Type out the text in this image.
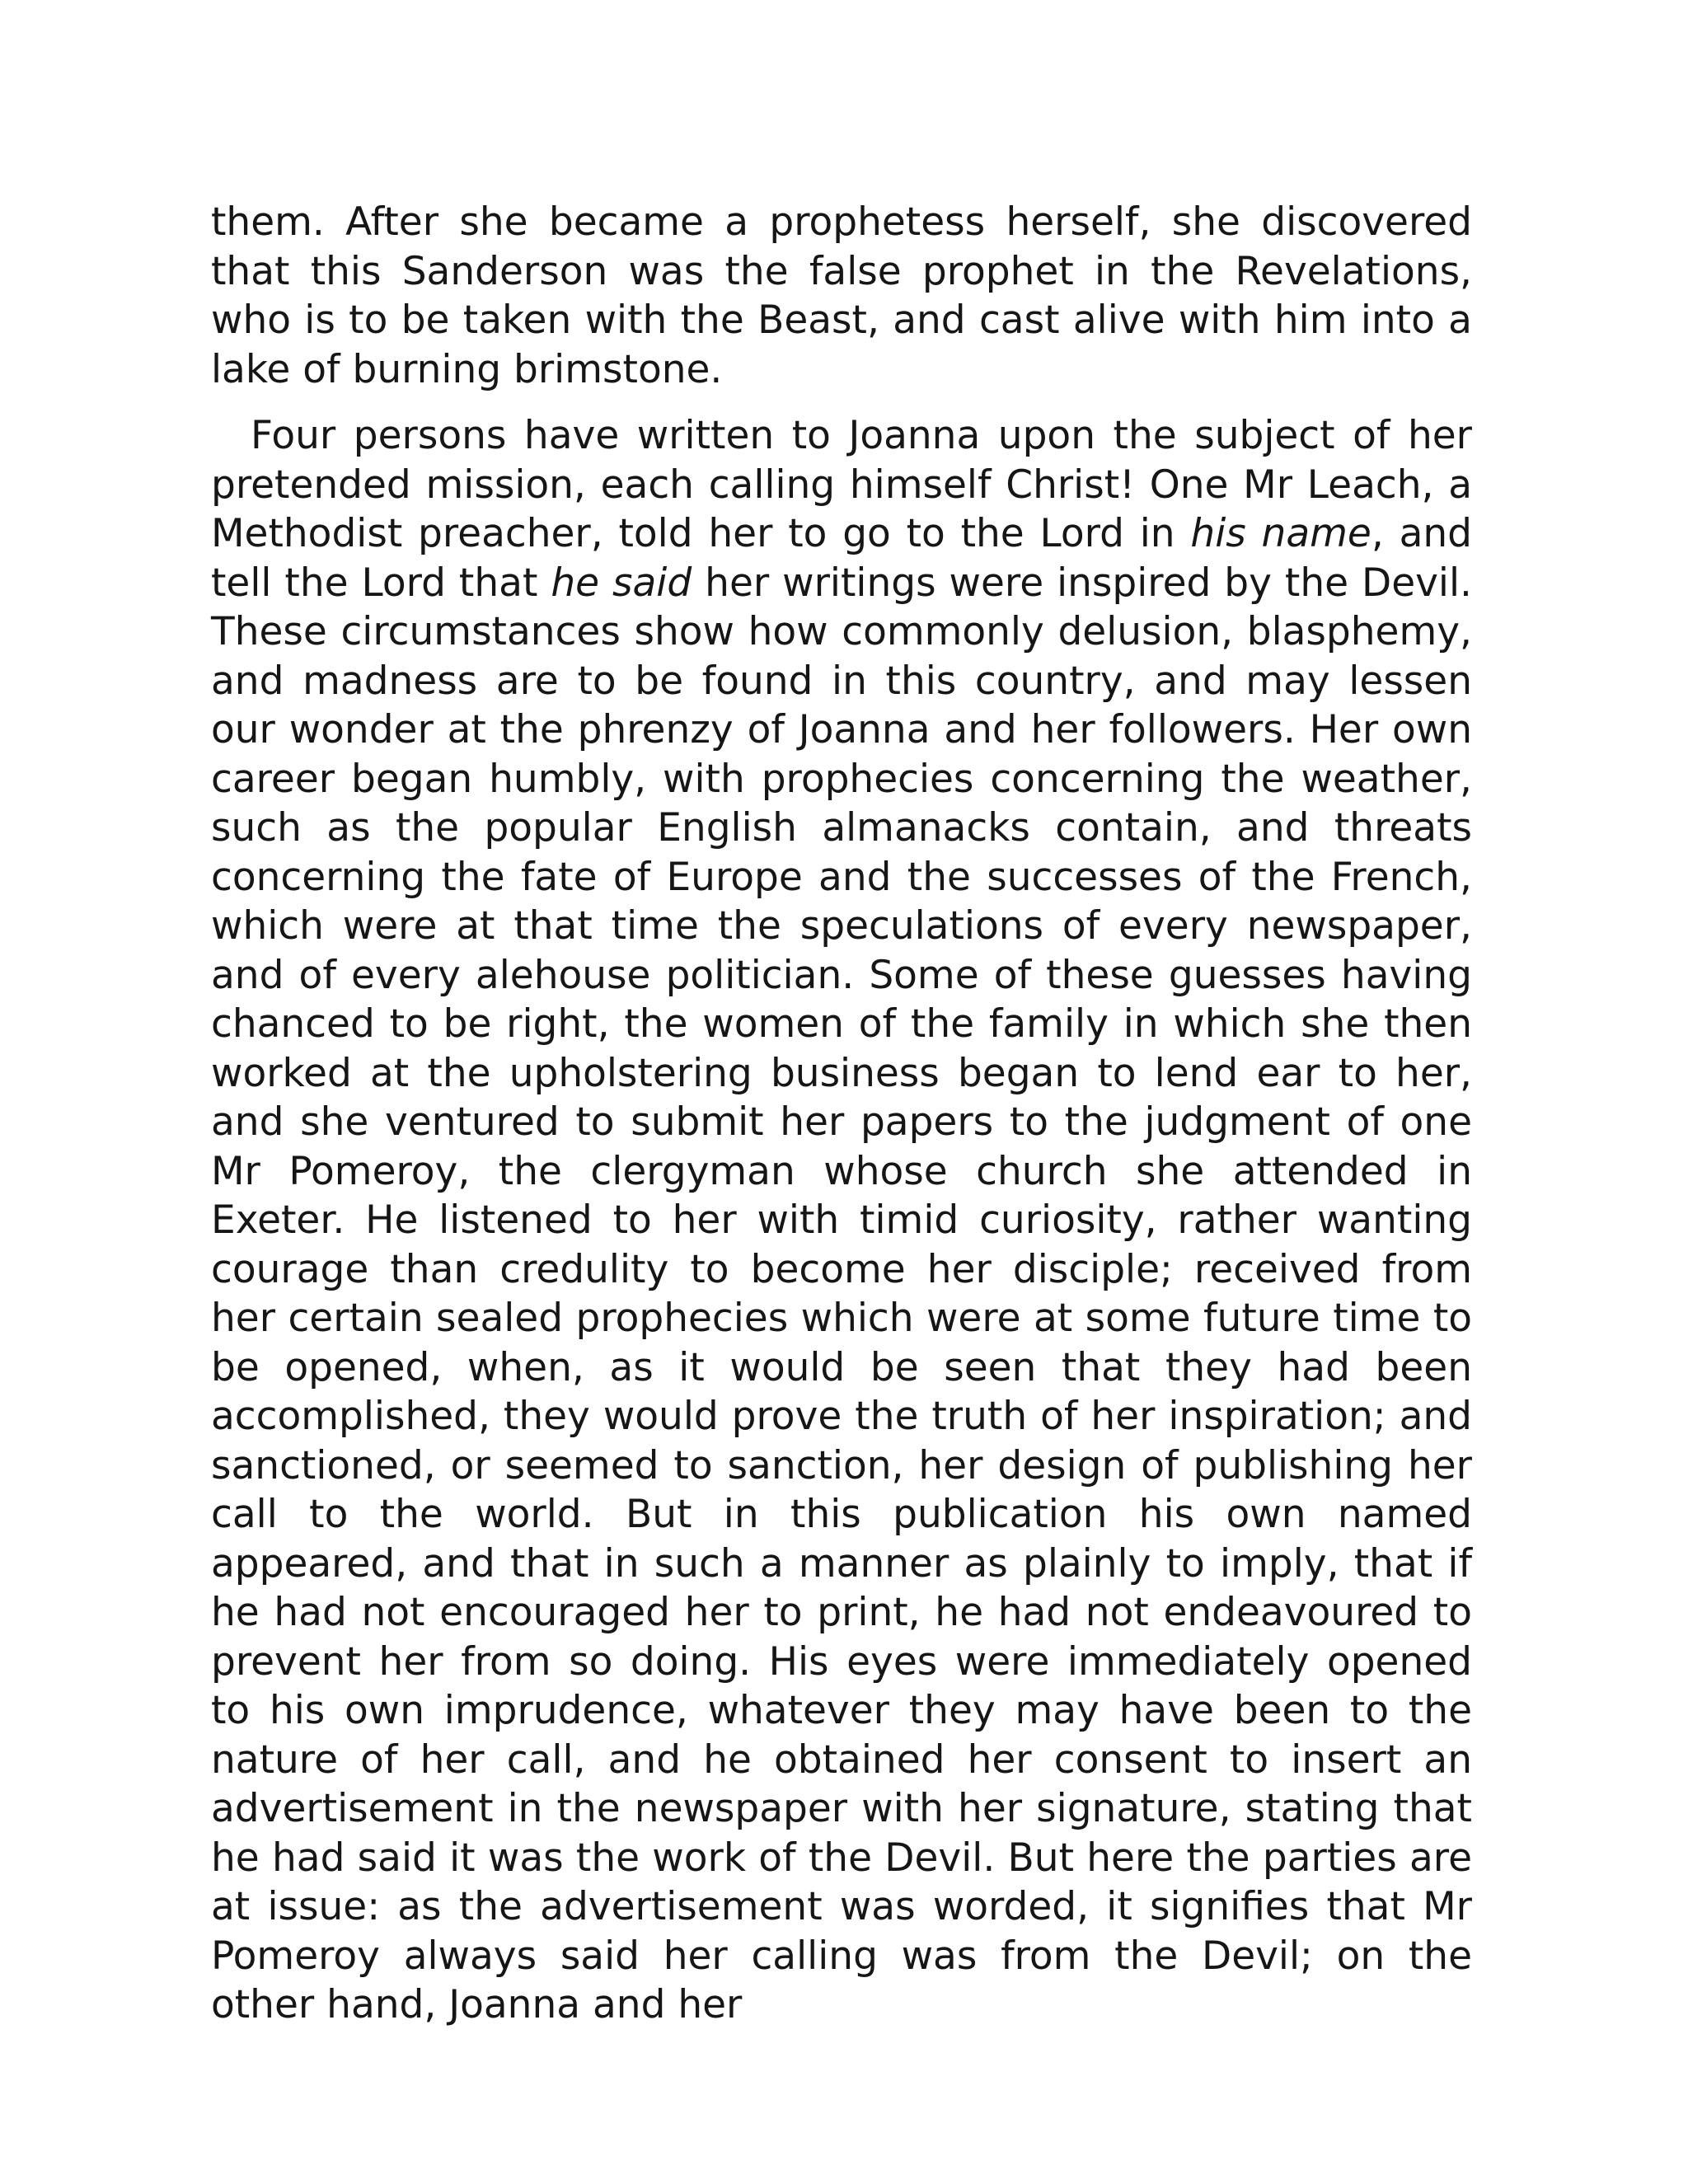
them. After she became a prophetess herself, she discovered that this Sanderson was the false prophet in the Revelations, who is to be taken with the Beast, and cast alive with him into a lake of burning brimstone.

Four persons have written to Joanna upon the subject of her pretended mission, each calling himself Christ! One Mr Leach, a Methodist preacher, told her to go to the Lord in his name, and tell the Lord that he said her writings were inspired by the Devil. These circumstances show how commonly delusion, blasphemy, and madness are to be found in this country, and may lessen our wonder at the phrenzy of Joanna and her followers. Her own career began humbly, with prophecies concerning the weather, such as the popular English almanacks contain, and threats concerning the fate of Europe and the successes of the French, which were at that time the speculations of every newspaper, and of every alehouse politician. Some of these guesses having chanced to be right, the women of the family in which she then worked at the upholstering business began to lend ear to her, and she ventured to submit her papers to the judgment of one Mr Pomeroy, the clergyman whose church she attended in Exeter. He listened to her with timid curiosity, rather wanting courage than credulity to become her disciple; received from her certain sealed prophecies which were at some future time to be opened, when, as it would be seen that they had been accomplished, they would prove the truth of her inspiration; and sanctioned, or seemed to sanction, her design of publishing her call to the world. But in this publication his own named appeared, and that in such a manner as plainly to imply, that if he had not encouraged her to print, he had not endeavoured to prevent her from so doing. His eyes were immediately opened to his own imprudence, whatever they may have been to the nature of her call, and he obtained her consent to insert an advertisement in the newspaper with her signature, stating that he had said it was the work of the Devil. But here the parties are at issue: as the advertisement was worded, it signifies that Mr Pomeroy always said her calling was from the Devil; on the other hand, Joanna and her
